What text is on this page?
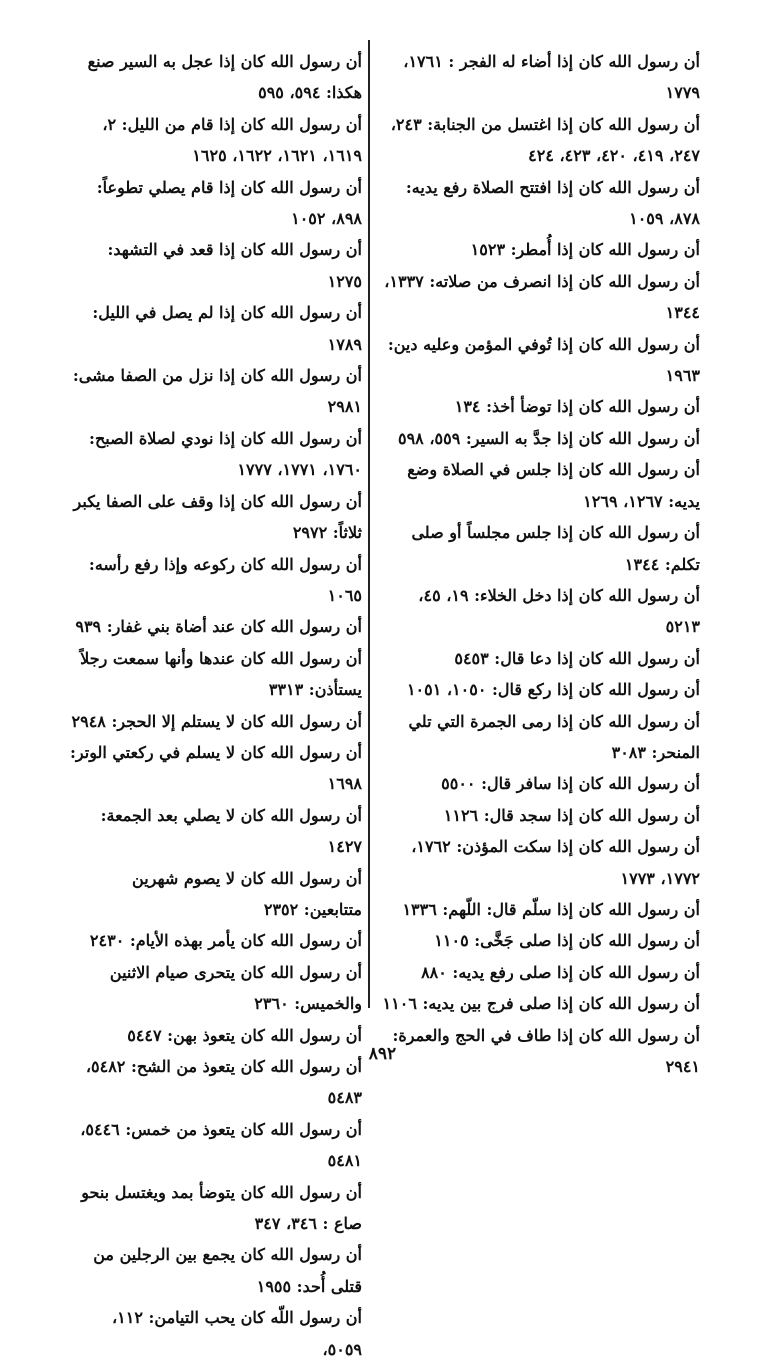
أن رسول الله كان إذا أضاء له الفجر : ١٧٦١، ١٧٧٩

أن رسول الله كان إذا اغتسل من الجنابة: ٢٤٣، ٢٤٧، ٤١٩، ٤٢٠، ٤٢٣، ٤٢٤

أن رسول الله كان إذا افتتح الصلاة رفع يديه: ٨٧٨، ١٠٥٩

أن رسول الله كان إذا أُمطر: ١٥٢٣

أن رسول الله كان إذا انصرف من صلاته: ١٣٣٧، ١٣٤٤

أن رسول الله كان إذا تُوفي المؤمن وعليه دين: ١٩٦٣

أن رسول الله كان إذا توضأ أخذ: ١٣٤

أن رسول الله كان إذا جدَّ به السير: ٥٥٩، ٥٩٨

أن رسول الله كان إذا جلس في الصلاة وضع يديه: ١٢٦٧، ١٢٦٩

أن رسول الله كان إذا جلس مجلساً أو صلى تكلم: ١٣٤٤

أن رسول الله كان إذا دخل الخلاء: ١٩، ٤٥، ٥٢١٣

أن رسول الله كان إذا دعا قال: ٥٤٥٣

أن رسول الله كان إذا ركع قال: ١٠٥٠، ١٠٥١

أن رسول الله كان إذا رمى الجمرة التي تلي المنحر: ٣٠٨٣

أن رسول الله كان إذا سافر قال: ٥٥٠٠

أن رسول الله كان إذا سجد قال: ١١٢٦

أن رسول الله كان إذا سكت المؤذن: ١٧٦٢، ١٧٧٢، ١٧٧٣

أن رسول الله كان إذا سلّم قال: اللّهم: ١٣٣٦

أن رسول الله كان إذا صلى جَخَّى: ١١٠٥

أن رسول الله كان إذا صلى رفع يديه: ٨٨٠

أن رسول الله كان إذا صلى فرج بين يديه: ١١٠٦

أن رسول الله كان إذا طاف في الحج والعمرة: ٢٩٤١

أن رسول الله كان إذا عجل به السير صنع هكذا: ٥٩٤، ٥٩٥

أن رسول الله كان إذا قام من الليل: ٢، ١٦١٩، ١٦٢١، ١٦٢٢، ١٦٢٥

أن رسول الله كان إذا قام يصلي تطوعاً: ٨٩٨، ١٠٥٢

أن رسول الله كان إذا قعد في التشهد: ١٢٧٥

أن رسول الله كان إذا لم يصل في الليل: ١٧٨٩

أن رسول الله كان إذا نزل من الصفا مشى: ٢٩٨١

أن رسول الله كان إذا نودي لصلاة الصبح: ١٧٦٠، ١٧٧١، ١٧٧٧

أن رسول الله كان إذا وقف على الصفا يكبر ثلاثاً: ٢٩٧٢

أن رسول الله كان ركوعه وإذا رفع رأسه: ١٠٦٥

أن رسول الله كان عند أضاة بني غفار: ٩٣٩

أن رسول الله كان عندها وأنها سمعت رجلاً يستأذن: ٣٣١٣

أن رسول الله كان لا يستلم إلا الحجر: ٢٩٤٨

أن رسول الله كان لا يسلم في ركعتي الوتر: ١٦٩٨

أن رسول الله كان لا يصلي بعد الجمعة: ١٤٢٧

أن رسول الله كان لا يصوم شهرين متتابعين: ٢٣٥٢

أن رسول الله كان يأمر بهذه الأيام: ٢٤٣٠

أن رسول الله كان يتحرى صيام الاثنين والخميس: ٢٣٦٠

أن رسول الله كان يتعوذ بهن: ٥٤٤٧

أن رسول الله كان يتعوذ من الشح: ٥٤٨٢، ٥٤٨٣

أن رسول الله كان يتعوذ من خمس: ٥٤٤٦، ٥٤٨١

أن رسول الله كان يتوضأ بمد ويغتسل بنحو صاع : ٣٤٦، ٣٤٧

أن رسول الله كان يجمع بين الرجلين من قتلى أُحد: ١٩٥٥

أن رسول اللّه كان يحب التيامن: ١١٢، ٥٠٥٩،

٨٩٢
